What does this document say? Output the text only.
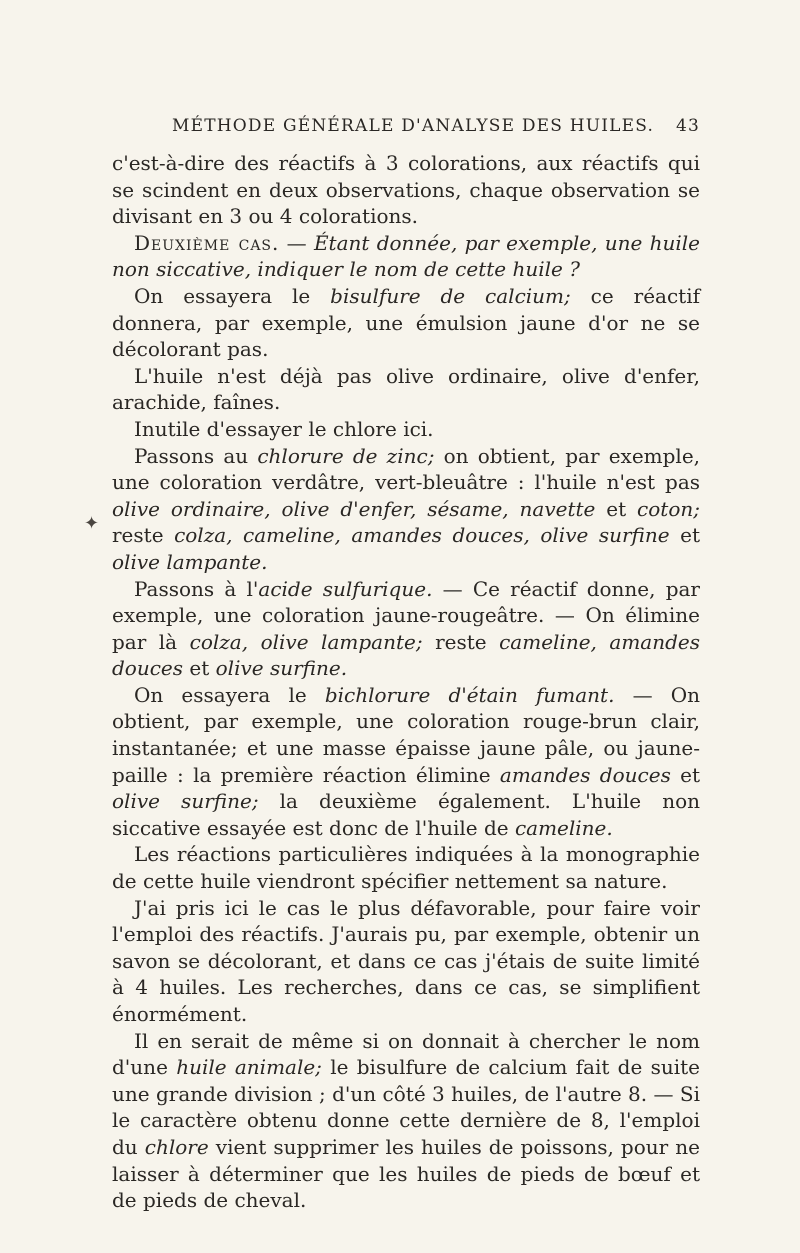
MÉTHODE GÉNÉRALE D'ANALYSE DES HUILES. 43

c'est-à-dire des réactifs à 3 colorations, aux réactifs qui se scindent en deux observations, chaque observation se divisant en 3 ou 4 colorations.

Deuxième cas. — Étant donnée, par exemple, une huile non siccative, indiquer le nom de cette huile ?

On essayera le bisulfure de calcium; ce réactif donnera, par exemple, une émulsion jaune d'or ne se décolorant pas.

L'huile n'est déjà pas olive ordinaire, olive d'enfer, arachide, faînes.

Inutile d'essayer le chlore ici.

Passons au chlorure de zinc; on obtient, par exemple, une coloration verdâtre, vert-bleuâtre : l'huile n'est pas olive ordinaire, olive d'enfer, sésame, navette et coton; reste colza, cameline, amandes douces, olive surfine et olive lampante.

Passons à l'acide sulfurique. — Ce réactif donne, par exemple, une coloration jaune-rougeâtre. — On élimine par là colza, olive lampante; reste cameline, amandes douces et olive surfine.

On essayera le bichlorure d'étain fumant. — On obtient, par exemple, une coloration rouge-brun clair, instantanée; et une masse épaisse jaune pâle, ou jaune-paille : la première réaction élimine amandes douces et olive surfine; la deuxième également. L'huile non siccative essayée est donc de l'huile de cameline.

Les réactions particulières indiquées à la monographie de cette huile viendront spécifier nettement sa nature.

J'ai pris ici le cas le plus défavorable, pour faire voir l'emploi des réactifs. J'aurais pu, par exemple, obtenir un savon se décolorant, et dans ce cas j'étais de suite limité à 4 huiles. Les recherches, dans ce cas, se simplifient énormément.

Il en serait de même si on donnait à chercher le nom d'une huile animale; le bisulfure de calcium fait de suite une grande division ; d'un côté 3 huiles, de l'autre 8. — Si le caractère obtenu donne cette dernière de 8, l'emploi du chlore vient supprimer les huiles de poissons, pour ne laisser à déterminer que les huiles de pieds de bœuf et de pieds de cheval.

✦
